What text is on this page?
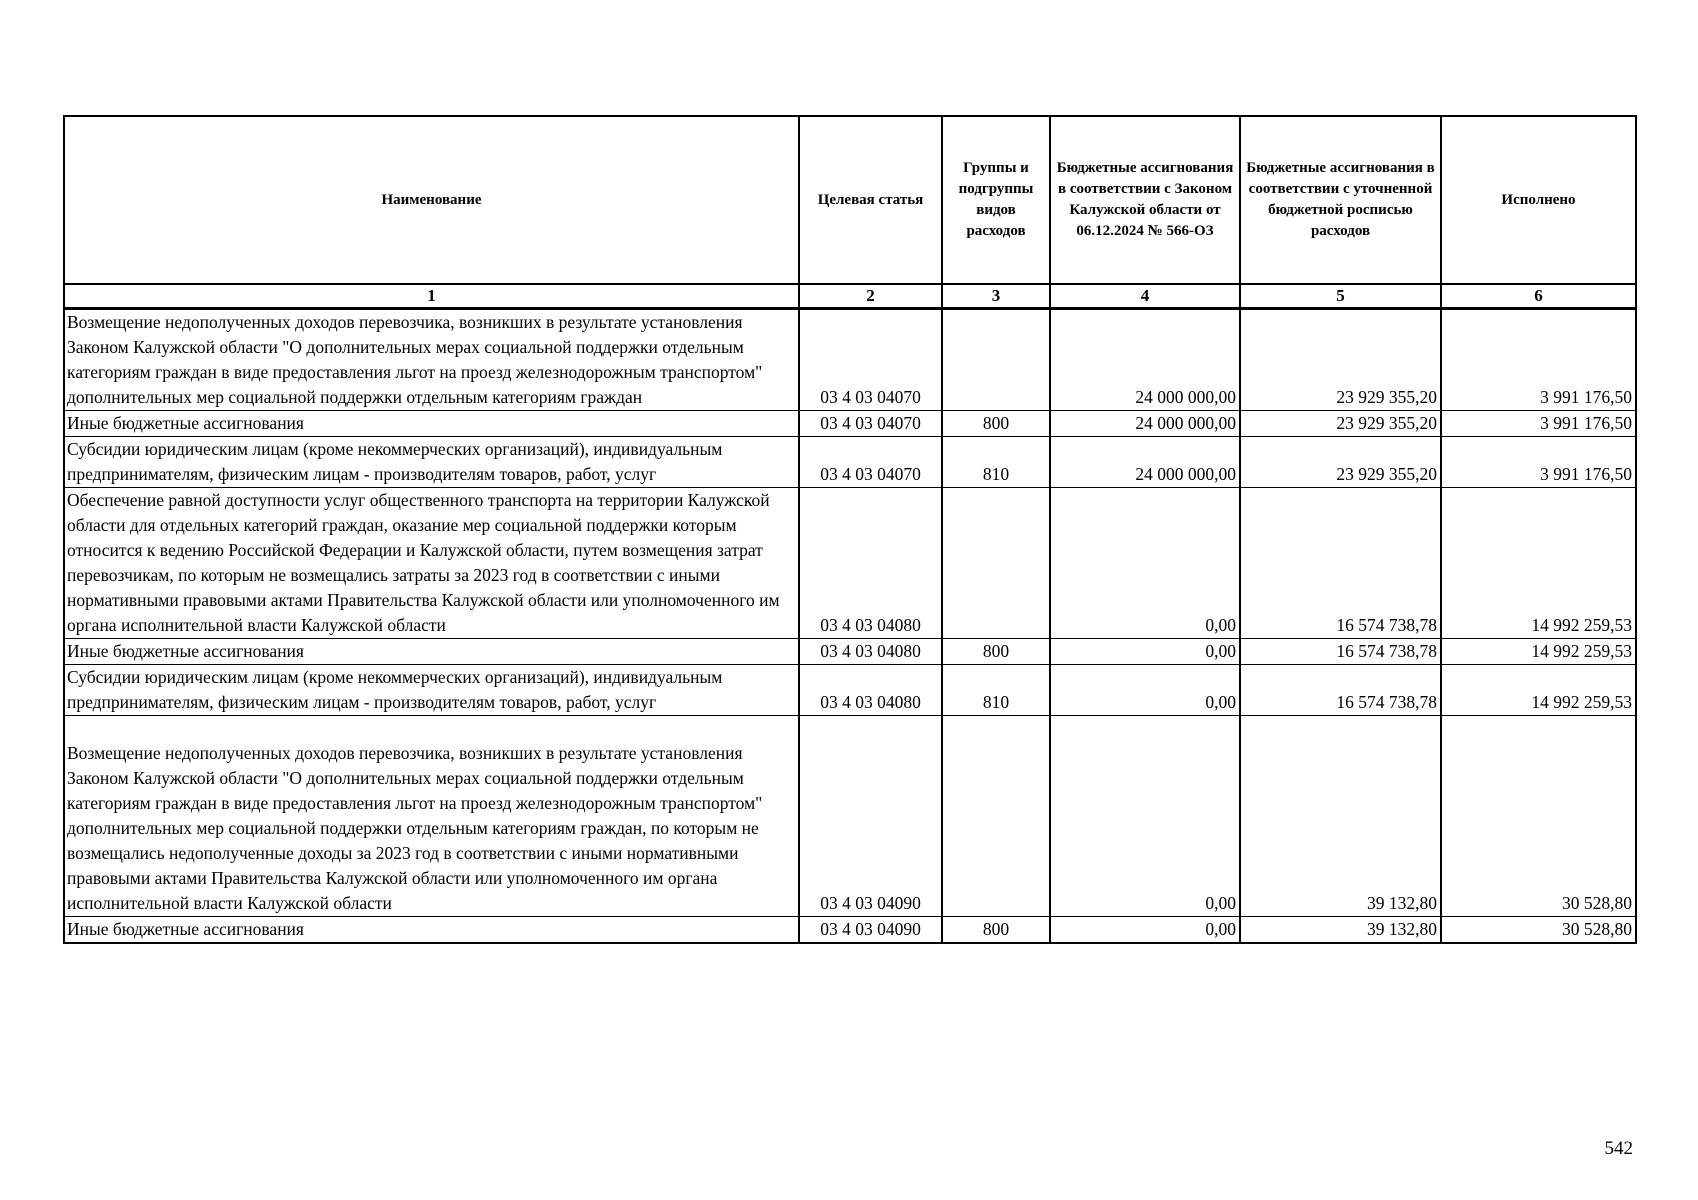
Наименование	Целевая статья	Группы и подгруппы видов расходов	Бюджетные ассигнования в соответствии с Законом Калужской области от 06.12.2024 № 566-ОЗ	Бюджетные ассигнования в соответствии с уточненной бюджетной росписью расходов	Исполнено
1	2	3	4	5	6
Возмещение недополученных доходов перевозчика, возникших в результате установления Законом Калужской области "О дополнительных мерах социальной поддержки отдельным категориям граждан в виде предоставления льгот на проезд железнодорожным транспортом" дополнительных мер социальной поддержки отдельным категориям граждан	03 4 03 04070		24 000 000,00	23 929 355,20	3 991 176,50
Иные бюджетные ассигнования	03 4 03 04070	800	24 000 000,00	23 929 355,20	3 991 176,50
Субсидии юридическим лицам (кроме некоммерческих организаций), индивидуальным предпринимателям, физическим лицам - производителям товаров, работ, услуг	03 4 03 04070	810	24 000 000,00	23 929 355,20	3 991 176,50
Обеспечение равной доступности услуг общественного транспорта на территории Калужской области для отдельных категорий граждан, оказание мер социальной поддержки которым относится к ведению Российской Федерации и Калужской области, путем возмещения затрат перевозчикам, по которым не возмещались затраты за 2023 год в соответствии с иными нормативными правовыми актами Правительства Калужской области или уполномоченного им органа исполнительной власти Калужской области	03 4 03 04080		0,00	16 574 738,78	14 992 259,53
Иные бюджетные ассигнования	03 4 03 04080	800	0,00	16 574 738,78	14 992 259,53
Субсидии юридическим лицам (кроме некоммерческих организаций), индивидуальным предпринимателям, физическим лицам - производителям товаров, работ, услуг	03 4 03 04080	810	0,00	16 574 738,78	14 992 259,53
Возмещение недополученных доходов перевозчика, возникших в результате установления Законом Калужской области "О дополнительных мерах социальной поддержки отдельным категориям граждан в виде предоставления льгот на проезд железнодорожным транспортом" дополнительных мер социальной поддержки отдельным категориям граждан, по которым не возмещались недополученные доходы за 2023 год в соответствии с иными нормативными правовыми актами Правительства Калужской области или уполномоченного им органа исполнительной власти Калужской области	03 4 03 04090		0,00	39 132,80	30 528,80
Иные бюджетные ассигнования	03 4 03 04090	800	0,00	39 132,80	30 528,80
542
